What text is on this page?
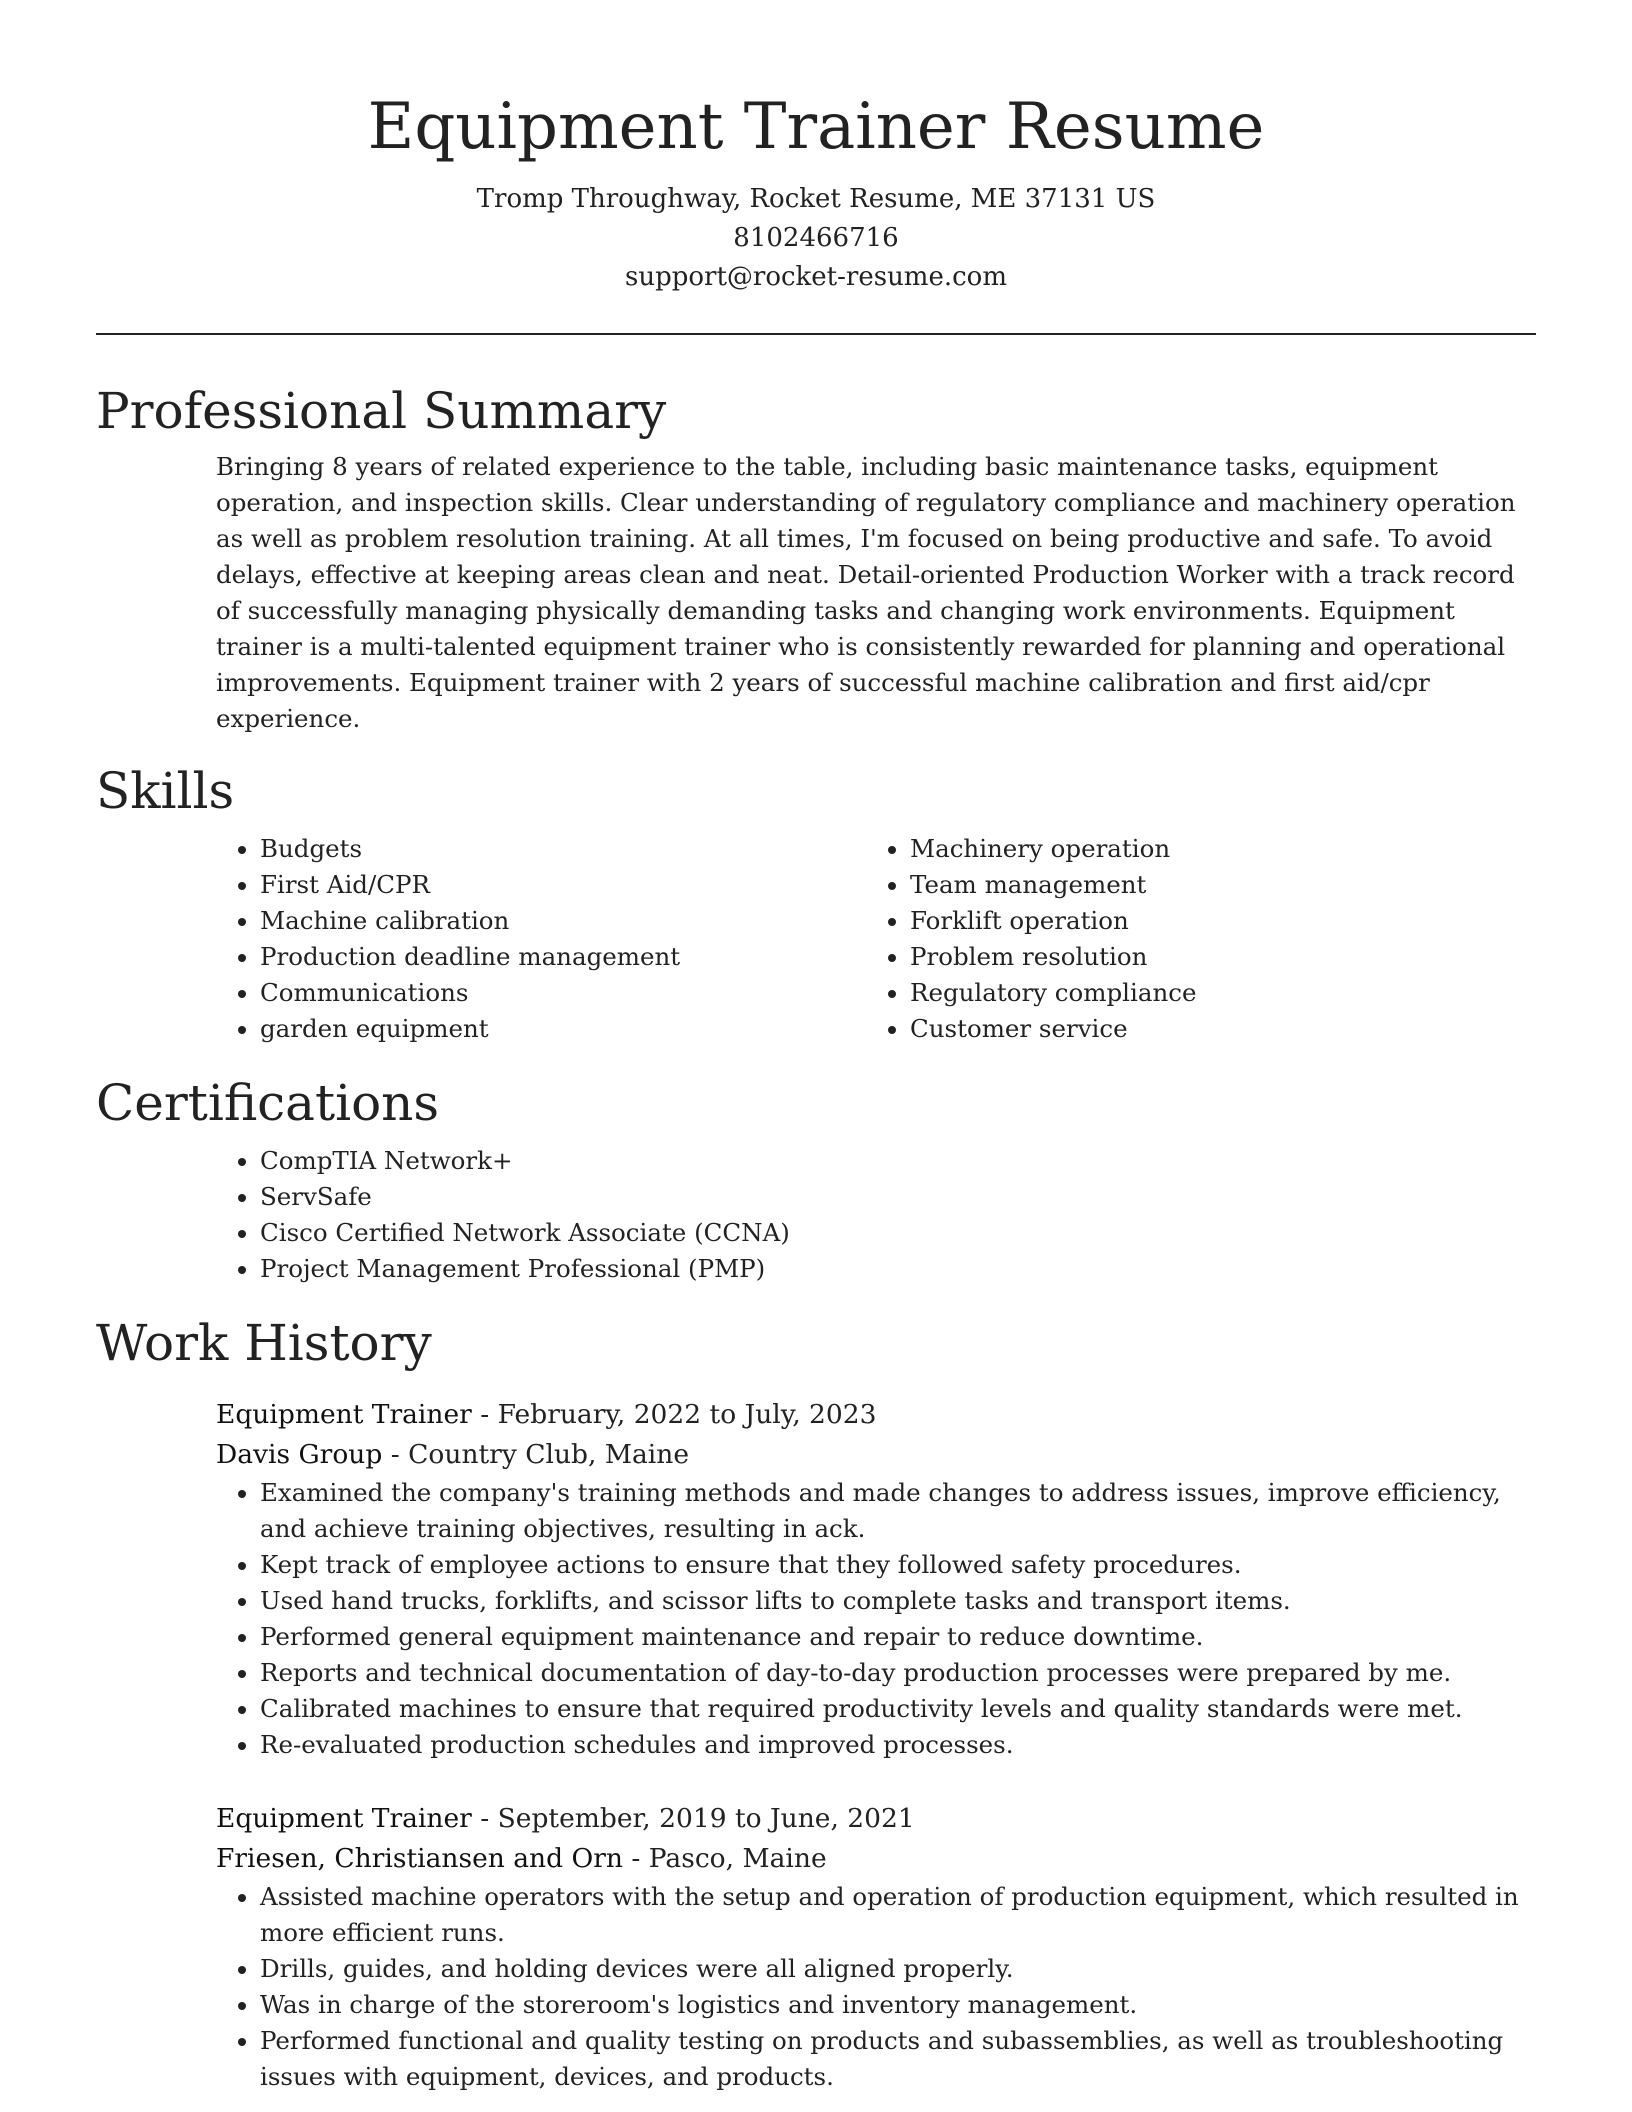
Equipment Trainer Resume
Tromp Throughway, Rocket Resume, ME 37131 US
8102466716
support@rocket-resume.com
Professional Summary

Bringing 8 years of related experience to the table, including basic maintenance tasks, equipment operation, and inspection skills. Clear understanding of regulatory compliance and machinery operation as well as problem resolution training. At all times, I'm focused on being productive and safe. To avoid delays, effective at keeping areas clean and neat. Detail-oriented Production Worker with a track record of successfully managing physically demanding tasks and changing work environments. Equipment trainer is a multi-talented equipment trainer who is consistently rewarded for planning and operational improvements. Equipment trainer with 2 years of successful machine calibration and first aid/cpr experience.

Skills
• Budgets
• First Aid/CPR
• Machine calibration
• Production deadline management
• Communications
• garden equipment
• Machinery operation
• Team management
• Forklift operation
• Problem resolution
• Regulatory compliance
• Customer service
Certifications
• CompTIA Network+
• ServSafe
• Cisco Certified Network Associate (CCNA)
• Project Management Professional (PMP)
Work History
Equipment Trainer - February, 2022 to July, 2023
Davis Group - Country Club, Maine
• Examined the company's training methods and made changes to address issues, improve efficiency, and achieve training objectives, resulting in ack.
• Kept track of employee actions to ensure that they followed safety procedures.
• Used hand trucks, forklifts, and scissor lifts to complete tasks and transport items.
• Performed general equipment maintenance and repair to reduce downtime.
• Reports and technical documentation of day-to-day production processes were prepared by me.
• Calibrated machines to ensure that required productivity levels and quality standards were met.
• Re-evaluated production schedules and improved processes.
Equipment Trainer - September, 2019 to June, 2021
Friesen, Christiansen and Orn - Pasco, Maine
• Assisted machine operators with the setup and operation of production equipment, which resulted in more efficient runs.
• Drills, guides, and holding devices were all aligned properly.
• Was in charge of the storeroom's logistics and inventory management.
• Performed functional and quality testing on products and subassemblies, as well as troubleshooting issues with equipment, devices, and products.
